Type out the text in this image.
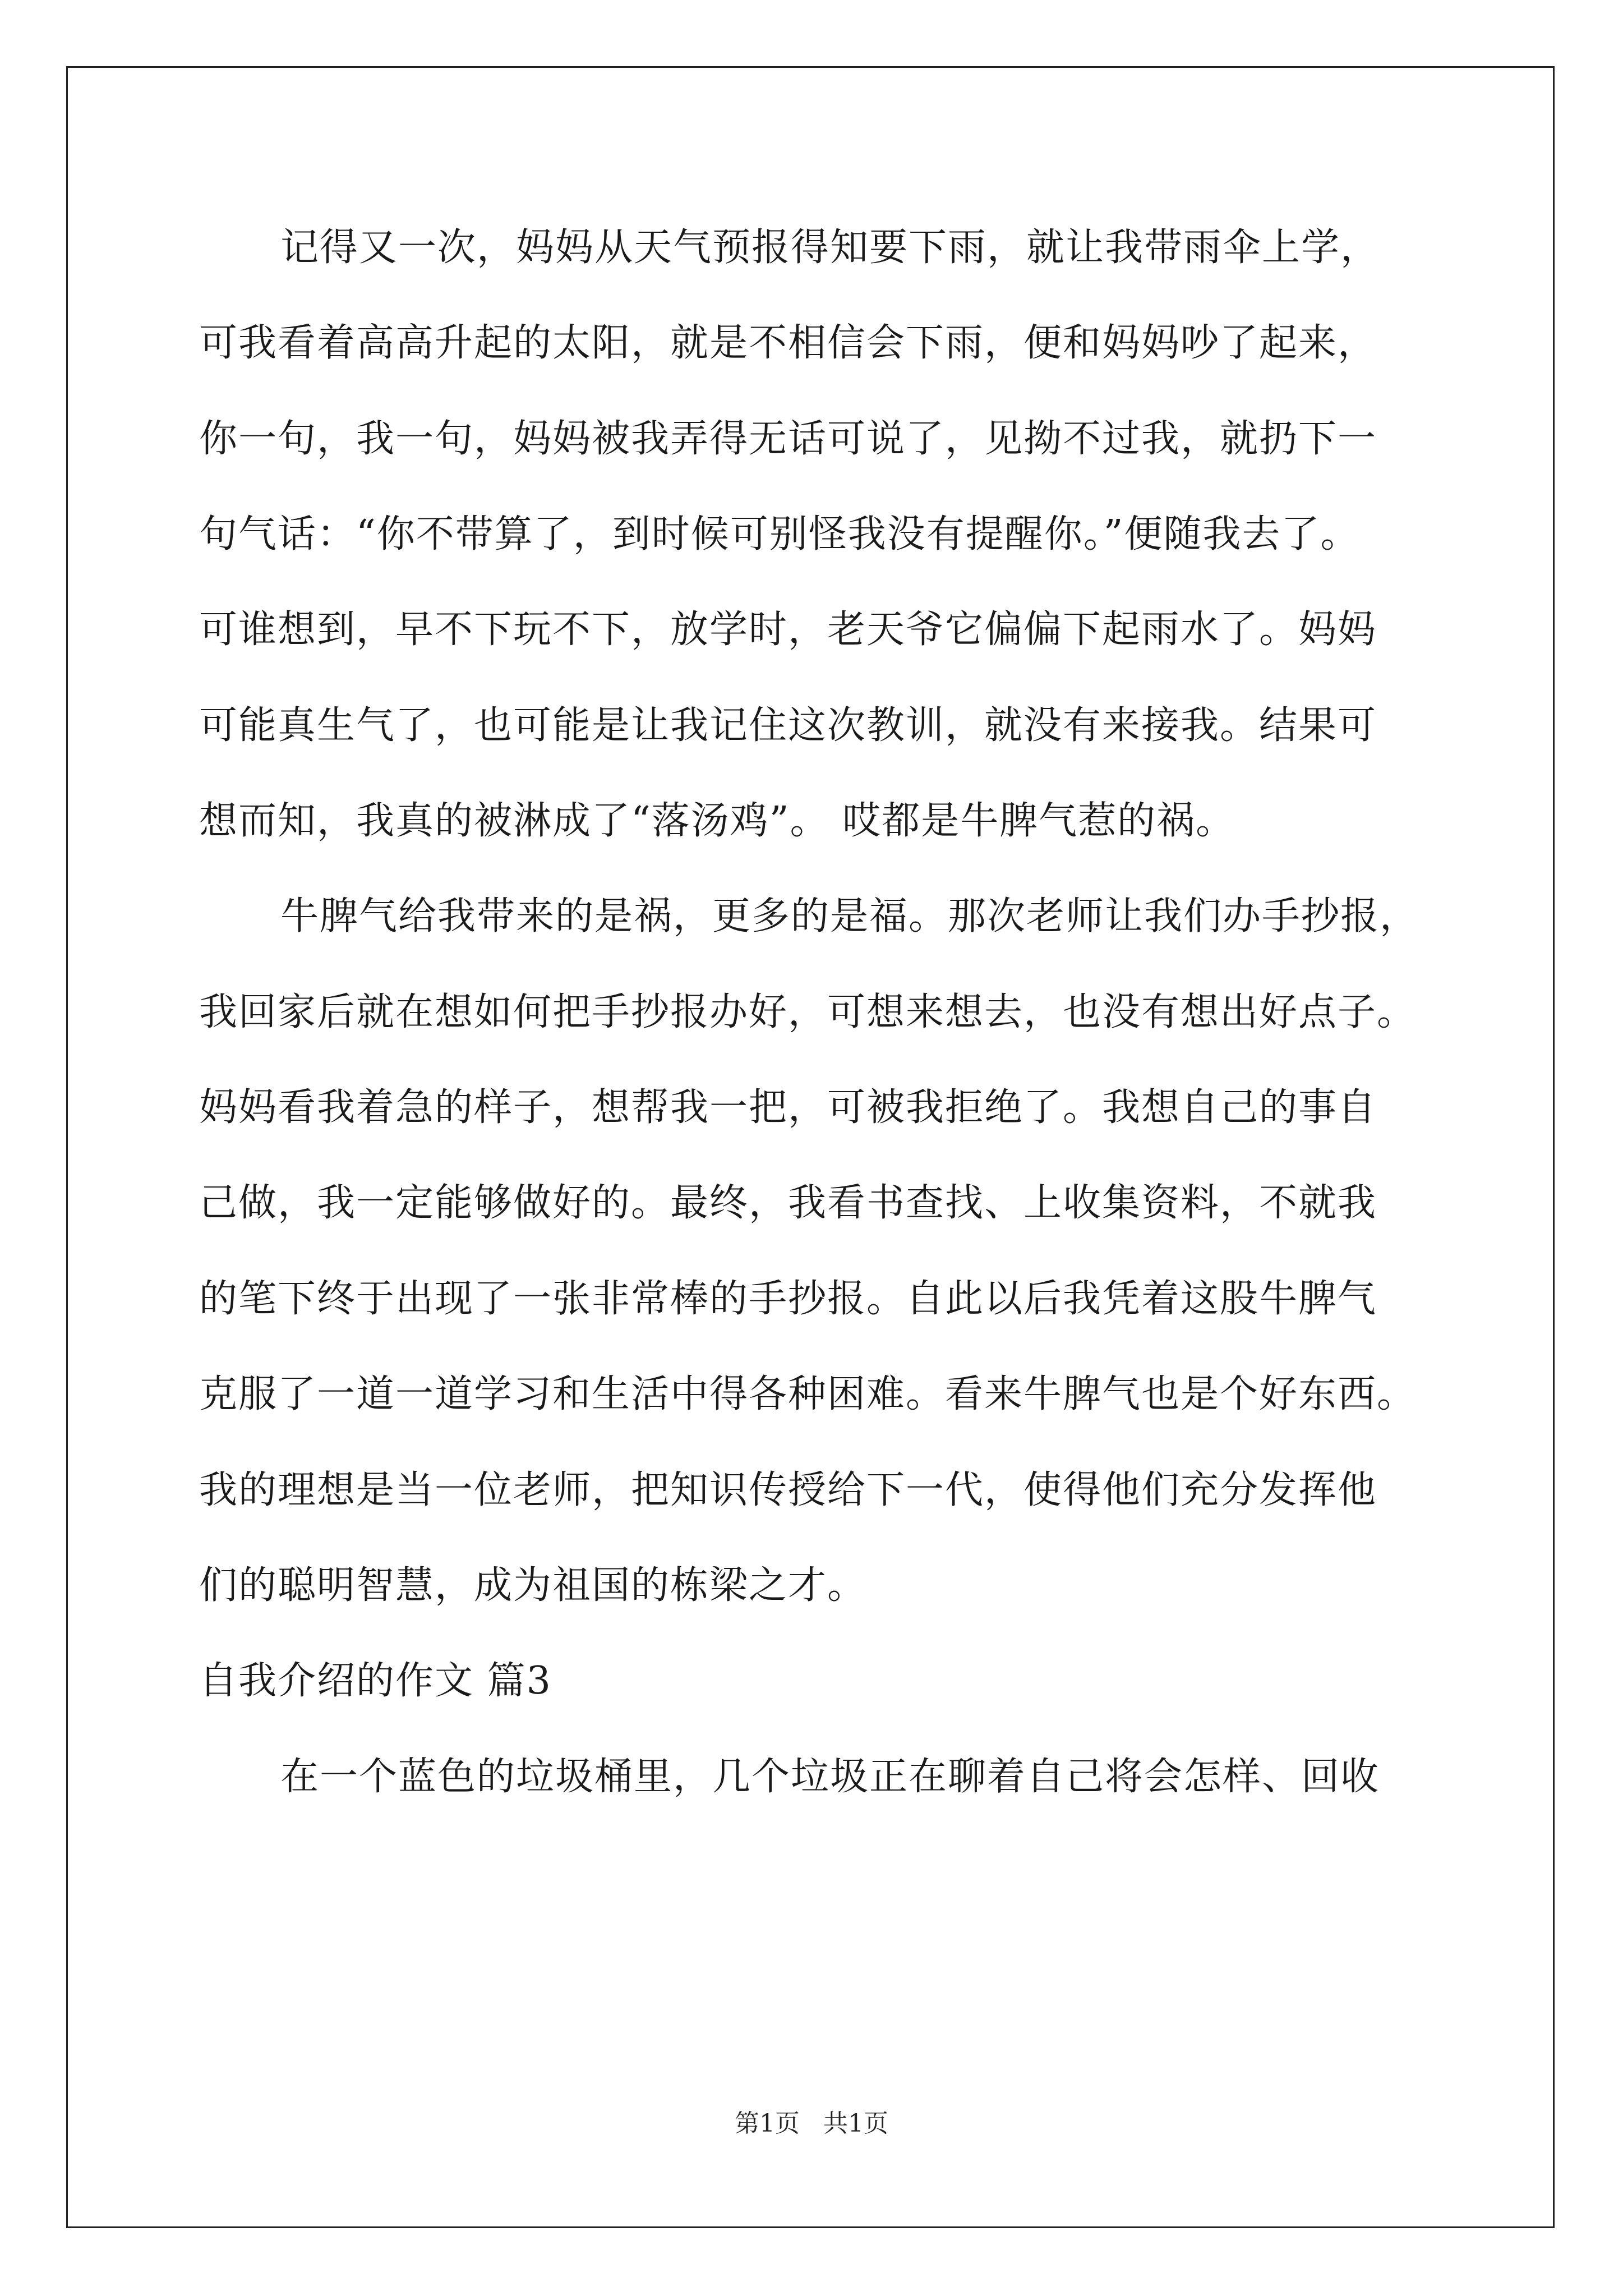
记得又一次，妈妈从天气预报得知要下雨，就让我带雨伞上学，
可我看着高高升起的太阳，就是不相信会下雨，便和妈妈吵了起来，
你一句，我一句，妈妈被我弄得无话可说了，见拗不过我，就扔下一
句气话：“你不带算了，到时候可别怪我没有提醒你。”便随我去了。
可谁想到，早不下玩不下，放学时，老天爷它偏偏下起雨水了。妈妈
可能真生气了，也可能是让我记住这次教训，就没有来接我。结果可
想而知，我真的被淋成了“落汤鸡”。 哎都是牛脾气惹的祸。
牛脾气给我带来的是祸，更多的是福。那次老师让我们办手抄报，
我回家后就在想如何把手抄报办好，可想来想去，也没有想出好点子。
妈妈看我着急的样子，想帮我一把，可被我拒绝了。我想自己的事自
己做，我一定能够做好的。最终，我看书查找、上收集资料，不就我
的笔下终于出现了一张非常棒的手抄报。自此以后我凭着这股牛脾气
克服了一道一道学习和生活中得各种困难。看来牛脾气也是个好东西。
我的理想是当一位老师，把知识传授给下一代，使得他们充分发挥他
们的聪明智慧，成为祖国的栋梁之才。
自我介绍的作文 篇3
在一个蓝色的垃圾桶里，几个垃圾正在聊着自己将会怎样、回收
第1页   共1页
